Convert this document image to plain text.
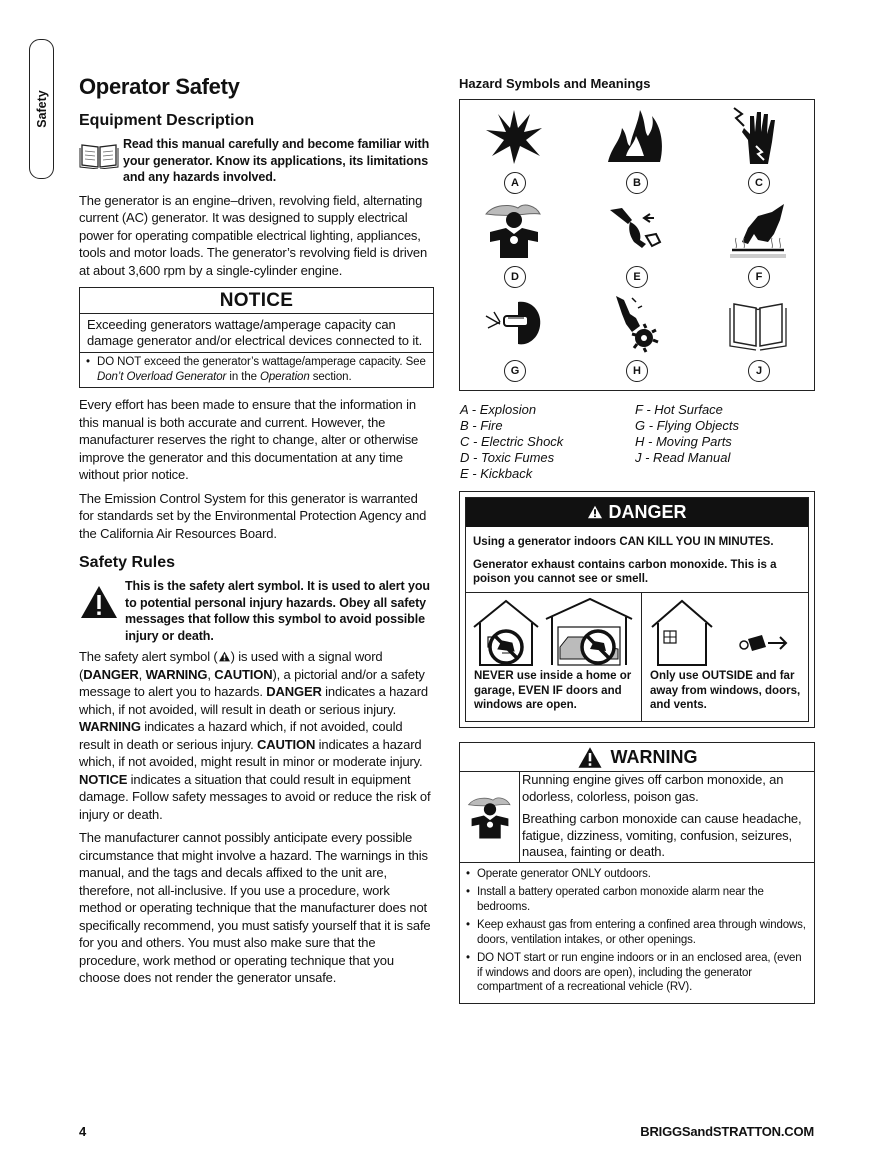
Safety
Operator Safety
Equipment Description
Read this manual carefully and become familiar with your generator. Know its applications, its limitations and any hazards involved.

The generator is an engine–driven, revolving field, alternating current (AC) generator. It was designed to supply electrical power for operating compatible electrical lighting, appliances, tools and motor loads. The generator’s revolving field is driven at about 3,600 rpm by a single-cylinder engine.

NOTICE
Exceeding generators wattage/amperage capacity can damage generator and/or electrical devices connected to it.
• DO NOT exceed the generator’s wattage/amperage capacity. See Don’t Overload Generator in the Operation section.

Every effort has been made to ensure that the information in this manual is both accurate and current. However, the manufacturer reserves the right to change, alter or otherwise improve the generator and this documentation at any time without prior notice.

The Emission Control System for this generator is warranted for standards set by the Environmental Protection Agency and the California Air Resources Board.

Safety Rules
This is the safety alert symbol. It is used to alert you to potential personal injury hazards. Obey all safety messages that follow this symbol to avoid possible injury or death.

The safety alert symbol ( ) is used with a signal word (DANGER, WARNING, CAUTION), a pictorial and/or a safety message to alert you to hazards. DANGER indicates a hazard which, if not avoided, will result in death or serious injury. WARNING indicates a hazard which, if not avoided, could result in death or serious injury. CAUTION indicates a hazard which, if not avoided, might result in minor or moderate injury. NOTICE indicates a situation that could result in equipment damage. Follow safety messages to avoid or reduce the risk of injury or death.

The manufacturer cannot possibly anticipate every possible circumstance that might involve a hazard. The warnings in this manual, and the tags and decals affixed to the unit are, therefore, not all-inclusive. If you use a procedure, work method or operating technique that the manufacturer does not specifically recommend, you must satisfy yourself that it is safe for you and others. You must also make sure that the procedure, work method or operating technique that you choose does not render the generator unsafe.

Hazard Symbols and Meanings
A	B	C
D	E	F
G	H	J
A - Explosion
B - Fire
C - Electric Shock
D - Toxic Fumes
E - Kickback
F - Hot Surface
G - Flying Objects
H - Moving Parts
J - Read Manual
DANGER
Using a generator indoors CAN KILL YOU IN MINUTES.
Generator exhaust contains carbon monoxide. This is a poison you cannot see or smell.
NEVER use inside a home or garage, EVEN IF doors and windows are open.
Only use OUTSIDE and far away from windows, doors, and vents.
WARNING
Running engine gives off carbon monoxide, an odorless, colorless, poison gas.
Breathing carbon monoxide can cause headache, fatigue, dizziness, vomiting, confusion, seizures, nausea, fainting or death.
• Operate generator ONLY outdoors.
• Install a battery operated carbon monoxide alarm near the bedrooms.
• Keep exhaust gas from entering a confined area through windows, doors, ventilation intakes, or other openings.
• DO NOT start or run engine indoors or in an enclosed area, (even if windows and doors are open), including the generator compartment of a recreational vehicle (RV).
4	BRIGGSandSTRATTON.COM
